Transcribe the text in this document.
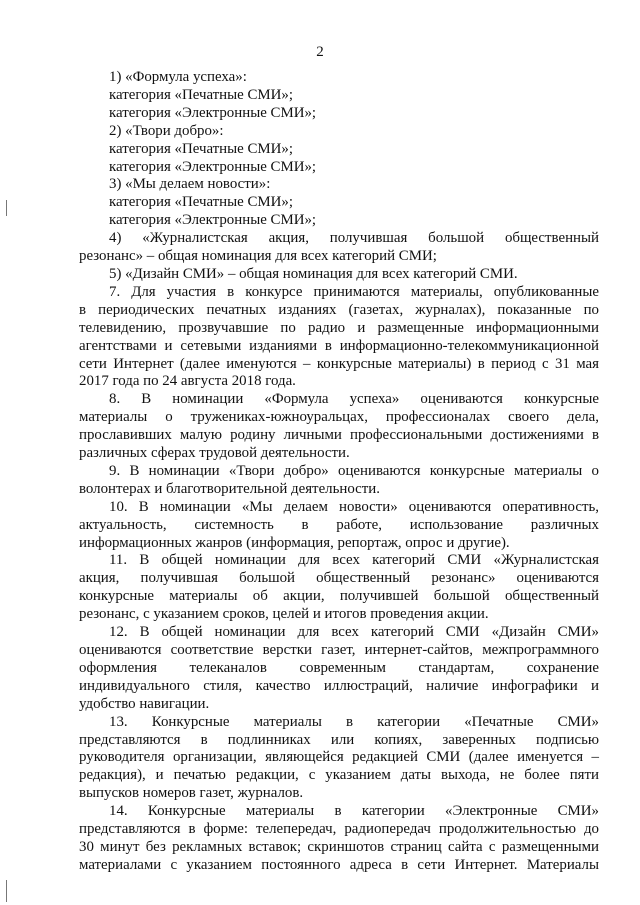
2
1) «Формула успеха»:
категория «Печатные СМИ»;
категория «Электронные СМИ»;
2) «Твори добро»:
категория «Печатные СМИ»;
категория «Электронные СМИ»;
3) «Мы делаем новости»:
категория «Печатные СМИ»;
категория «Электронные СМИ»;
4) «Журналистская акция, получившая большой общественный
резонанс» – общая номинация для всех категорий СМИ;
5) «Дизайн СМИ» – общая номинация для всех категорий СМИ.
7. Для участия в конкурсе принимаются материалы, опубликованные
в периодических печатных изданиях (газетах, журналах), показанные по
телевидению, прозвучавшие по радио и размещенные информационными
агентствами и сетевыми изданиями в информационно-телекоммуникационной
сети Интернет (далее именуются – конкурсные материалы) в период с 31 мая
2017 года по 24 августа 2018 года.
8. В номинации «Формула успеха» оцениваются конкурсные
материалы о тружениках-южноуральцах, профессионалах своего дела,
прославивших малую родину личными профессиональными достижениями в
различных сферах трудовой деятельности.
9. В номинации «Твори добро» оцениваются конкурсные материалы о
волонтерах и благотворительной деятельности.
10. В номинации «Мы делаем новости» оцениваются оперативность,
актуальность, системность в работе, использование различных
информационных жанров (информация, репортаж, опрос и другие).
11. В общей номинации для всех категорий СМИ «Журналистская
акция, получившая большой общественный резонанс» оцениваются
конкурсные материалы об акции, получившей большой общественный
резонанс, с указанием сроков, целей и итогов проведения акции.
12. В общей номинации для всех категорий СМИ «Дизайн СМИ»
оцениваются соответствие верстки газет, интернет-сайтов, межпрограммного
оформления телеканалов современным стандартам, сохранение
индивидуального стиля, качество иллюстраций, наличие инфографики и
удобство навигации.
13. Конкурсные материалы в категории «Печатные СМИ»
представляются в подлинниках или копиях, заверенных подписью
руководителя организации, являющейся редакцией СМИ (далее именуется –
редакция), и печатью редакции, с указанием даты выхода, не более пяти
выпусков номеров газет, журналов.
14. Конкурсные материалы в категории «Электронные СМИ»
представляются в форме: телепередач, радиопередач продолжительностью до
30 минут без рекламных вставок; скриншотов страниц сайта с размещенными
материалами с указанием постоянного адреса в сети Интернет. Материалы
